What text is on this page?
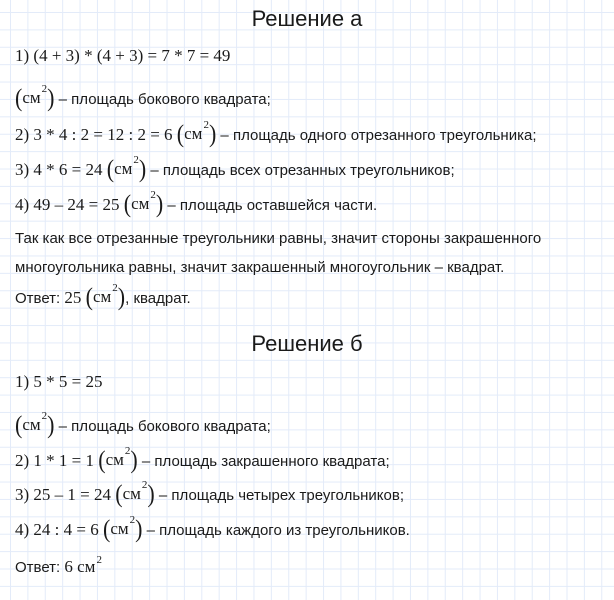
Решение а
1) (4 + 3) * (4 + 3) = 7 * 7 = 49
( см 2 ) – площадь бокового квадрата;
2) 3 * 4 : 2 = 12 : 2 = 6 ( см 2 ) – площадь одного отрезанного треугольника;
3) 4 * 6 = 24 ( см 2 ) – площадь всех отрезанных треугольников;
4) 49 – 24 = 25 ( см 2 ) – площадь оставшейся части.
Так как все отрезанные треугольники равны, значит стороны закрашенного
многоугольника равны, значит закрашенный многоугольник – квадрат.
Ответ: 25 ( см 2 ) , квадрат.
Решение б
1) 5 * 5 = 25
( см 2 ) – площадь бокового квадрата;
2) 1 * 1 = 1 ( см 2 ) – площадь закрашенного квадрата;
3) 25 – 1 = 24 ( см 2 ) – площадь четырех треугольников;
4) 24 : 4 = 6 ( см 2 ) – площадь каждого из треугольников.
Ответ: 6 $см^2$
